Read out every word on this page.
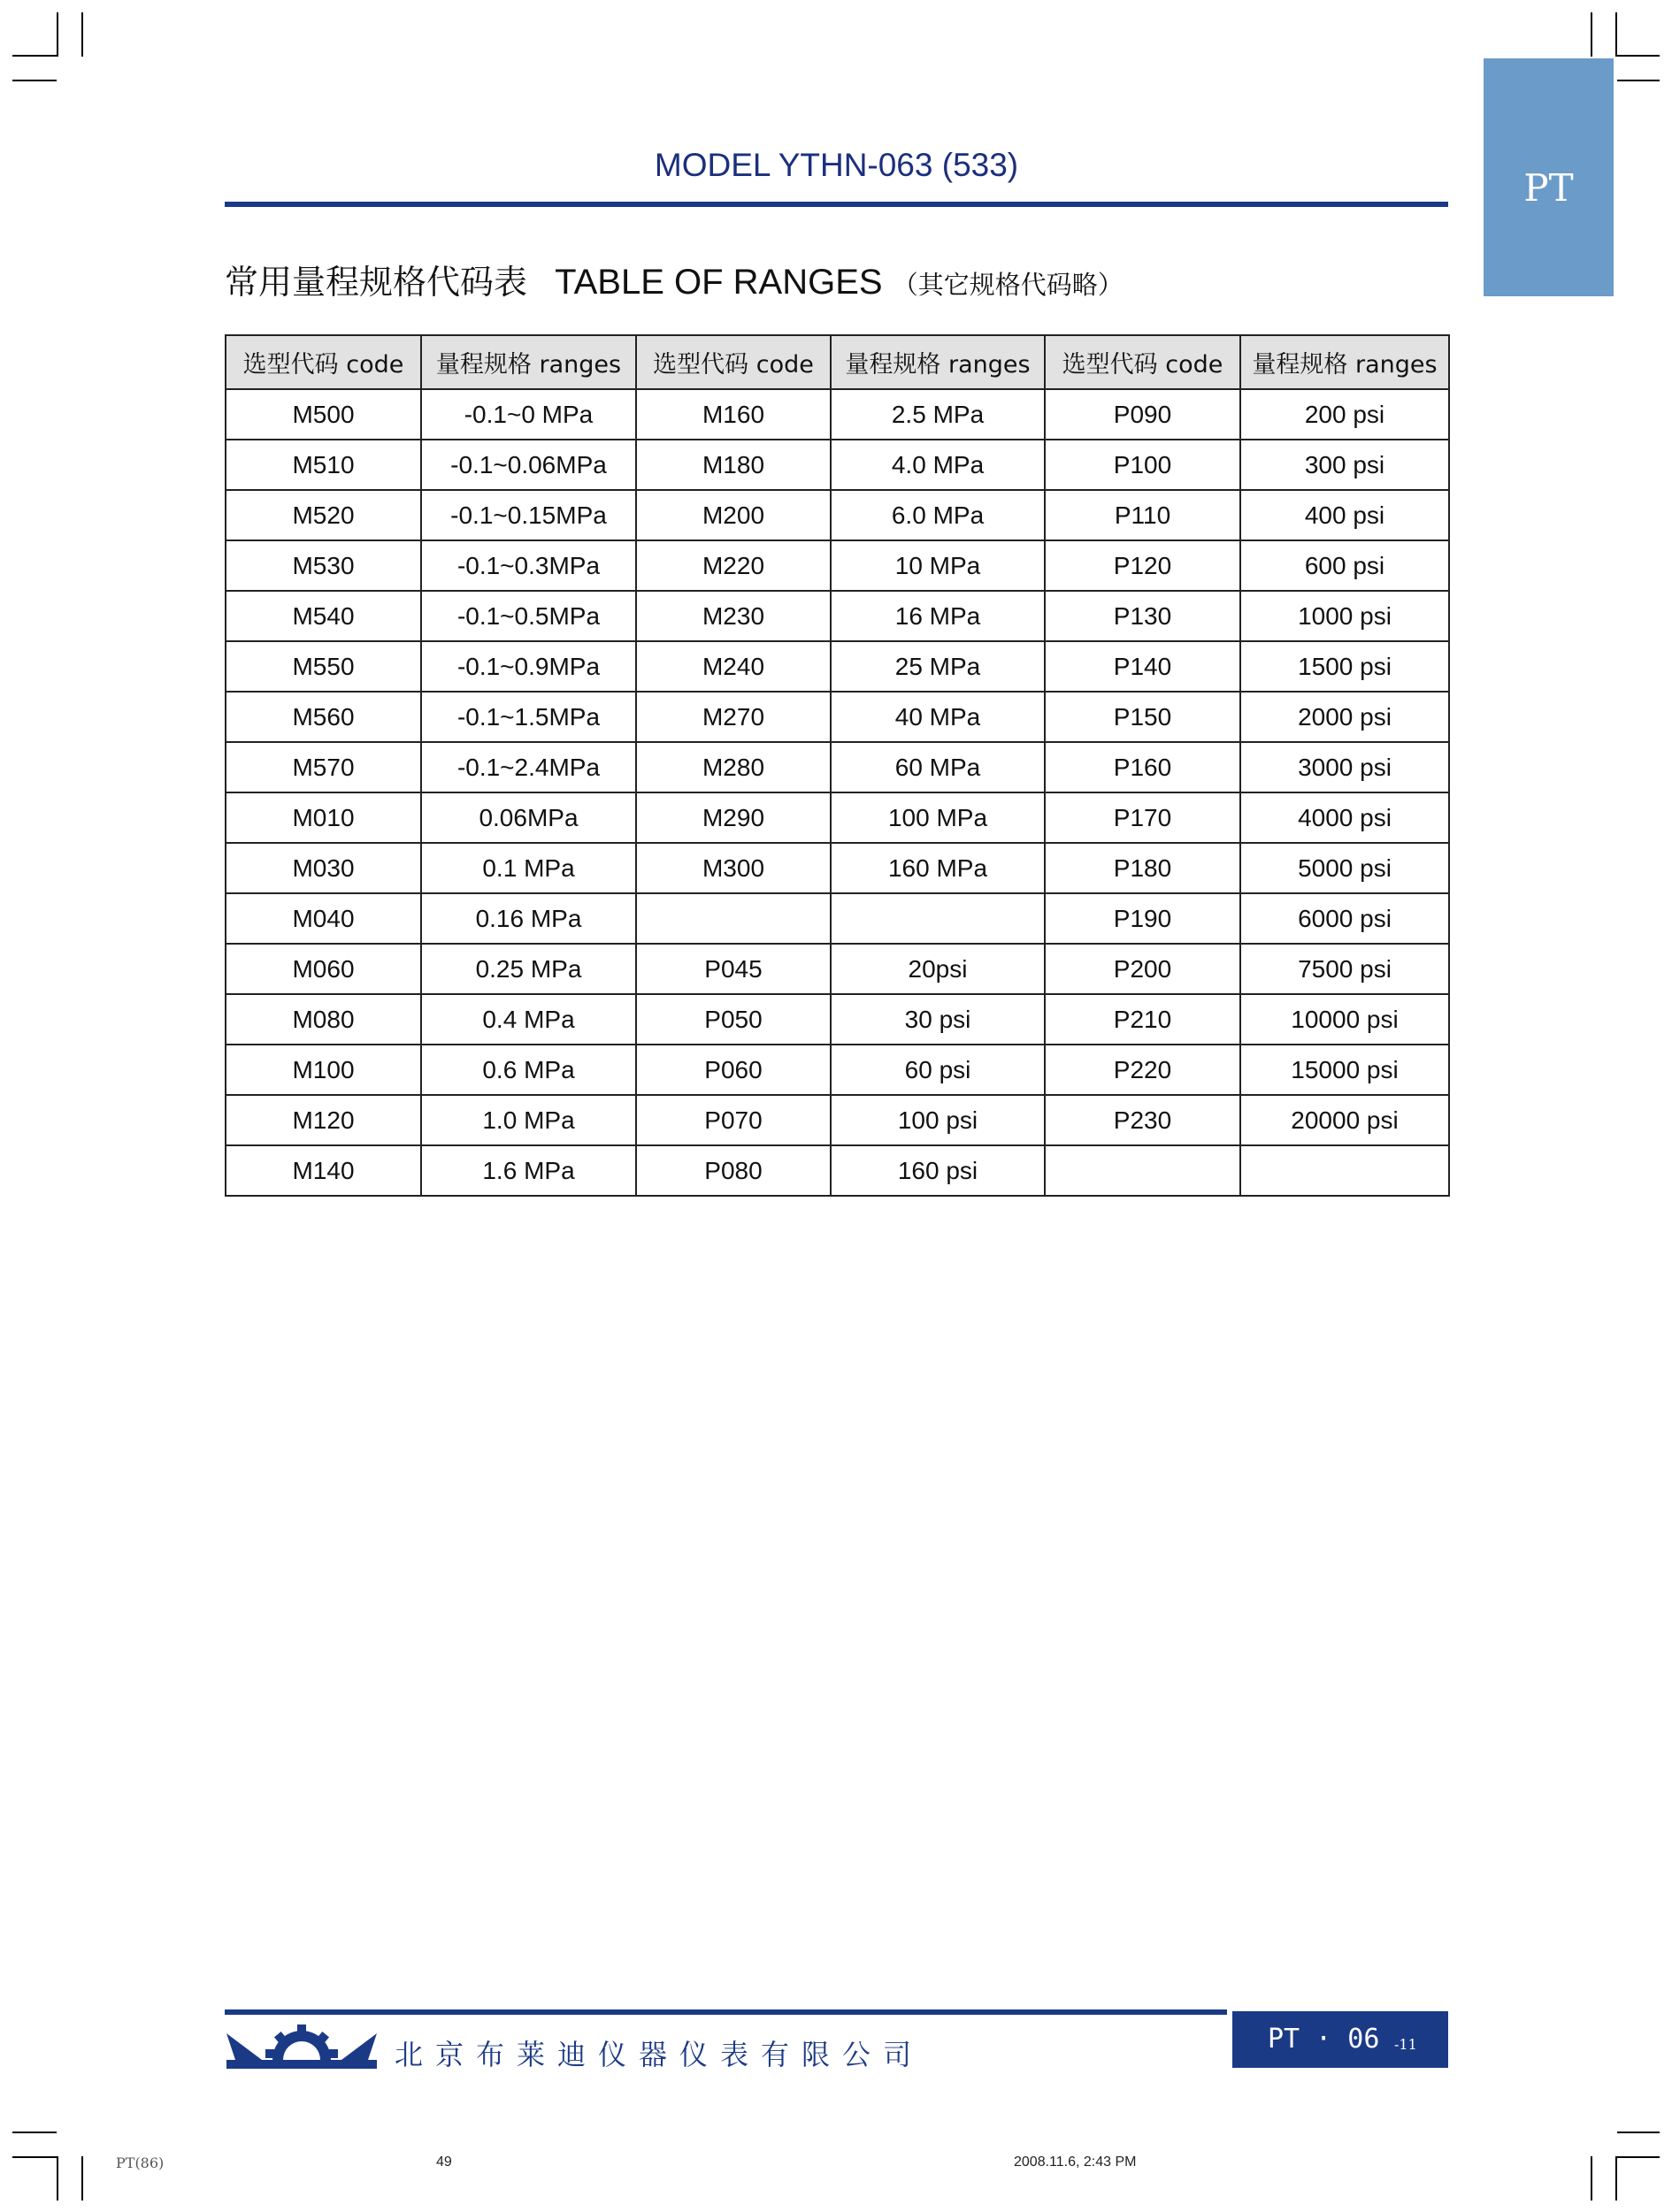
PT
MODEL YTHN-063 (533)
常用量程规格代码表 TABLE OF RANGES （其它规格代码略）
选型代码 code	量程规格 ranges	选型代码 code	量程规格 ranges	选型代码 code	量程规格 ranges
M500	-0.1~0 MPa	M160	2.5 MPa	P090	200 psi
M510	-0.1~0.06MPa	M180	4.0 MPa	P100	300 psi
M520	-0.1~0.15MPa	M200	6.0 MPa	P110	400 psi
M530	-0.1~0.3MPa	M220	10 MPa	P120	600 psi
M540	-0.1~0.5MPa	M230	16 MPa	P130	1000 psi
M550	-0.1~0.9MPa	M240	25 MPa	P140	1500 psi
M560	-0.1~1.5MPa	M270	40 MPa	P150	2000 psi
M570	-0.1~2.4MPa	M280	60 MPa	P160	3000 psi
M010	0.06MPa	M290	100 MPa	P170	4000 psi
M030	0.1 MPa	M300	160 MPa	P180	5000 psi
M040	0.16 MPa			P190	6000 psi
M060	0.25 MPa	P045	20psi	P200	7500 psi
M080	0.4 MPa	P050	30 psi	P210	10000 psi
M100	0.6 MPa	P060	60 psi	P220	15000 psi
M120	1.0 MPa	P070	100 psi	P230	20000 psi
M140	1.6 MPa	P080	160 psi		
北京布莱迪仪器仪表有限公司	PT · 06 -11
PT(86)	49	2008.11.6, 2:43 PM
